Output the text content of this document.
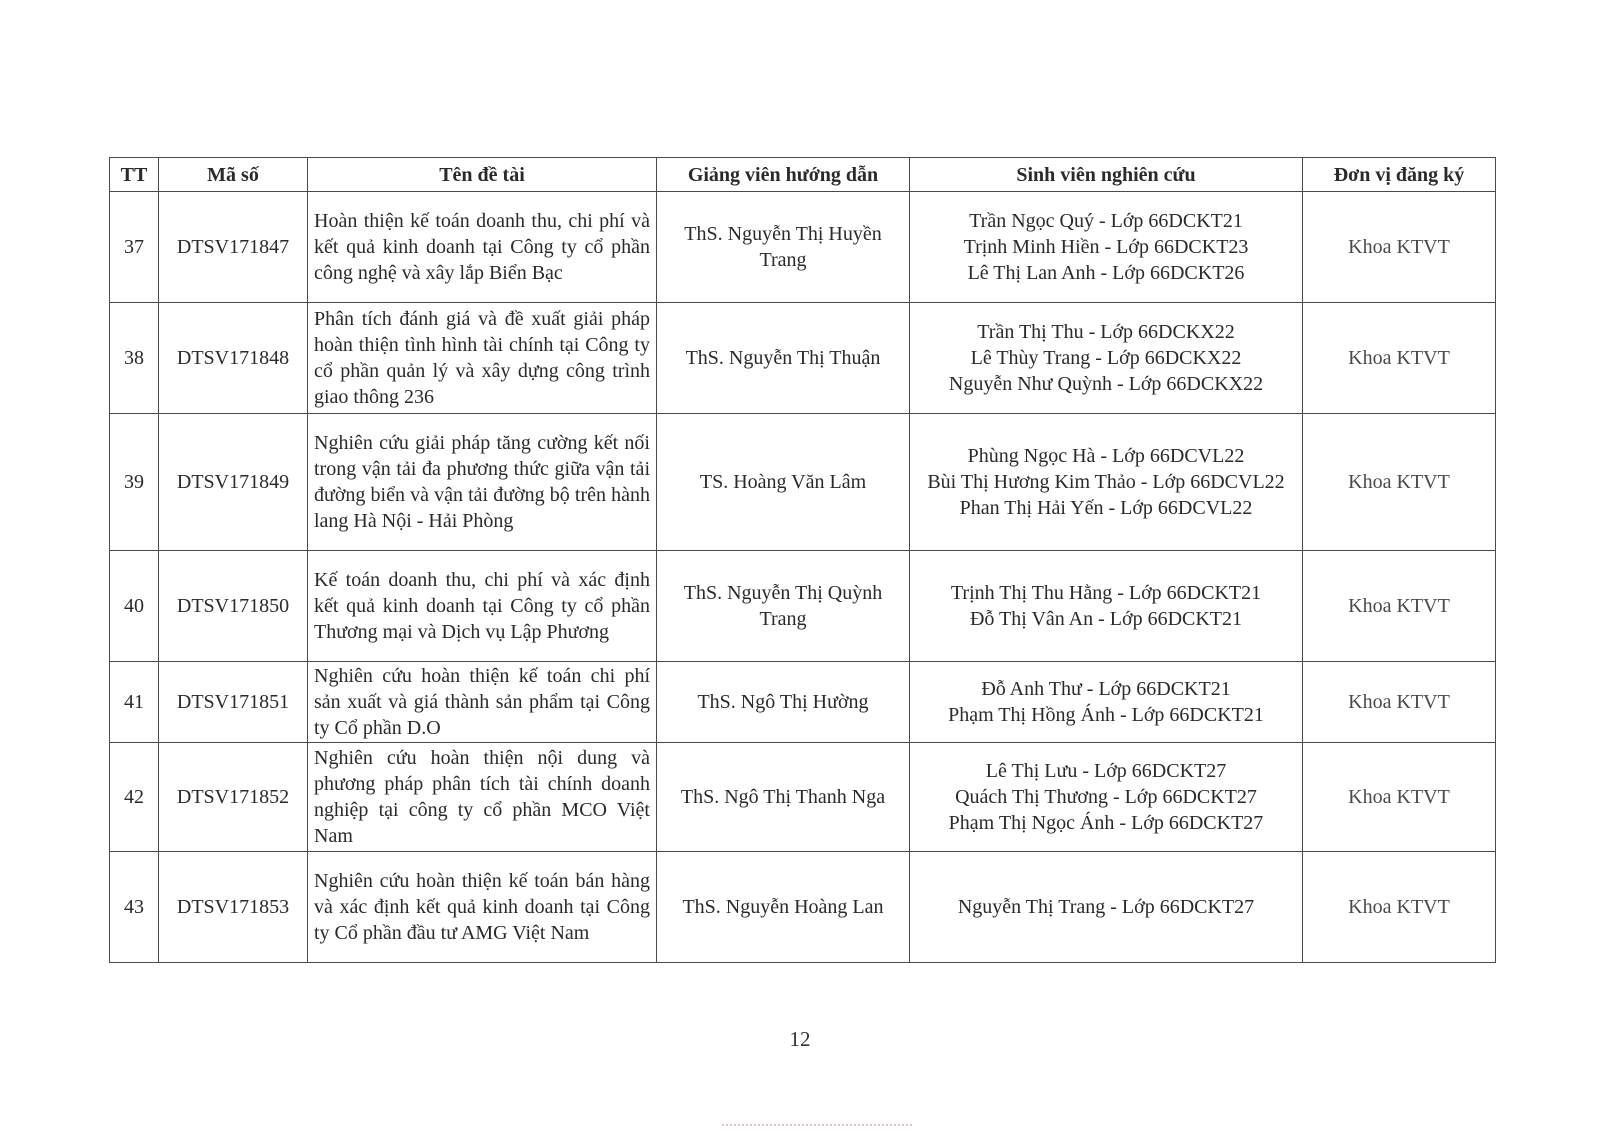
TT	Mã số	Tên đề tài	Giảng viên hướng dẫn	Sinh viên nghiên cứu	Đơn vị đăng ký
37	DTSV171847	Hoàn thiện kế toán doanh thu, chi phí và kết quả kinh doanh tại Công ty cổ phần công nghệ và xây lắp Biển Bạc	ThS. Nguyễn Thị Huyền Trang	Trần Ngọc Quý - Lớp 66DCKT21
Trịnh Minh Hiền - Lớp 66DCKT23
Lê Thị Lan Anh - Lớp 66DCKT26	Khoa KTVT
38	DTSV171848	Phân tích đánh giá và đề xuất giải pháp hoàn thiện tình hình tài chính tại Công ty cổ phần quản lý và xây dựng công trình giao thông 236	ThS. Nguyễn Thị Thuận	Trần Thị Thu - Lớp 66DCKX22
Lê Thùy Trang - Lớp 66DCKX22
Nguyễn Như Quỳnh - Lớp 66DCKX22	Khoa KTVT
39	DTSV171849	Nghiên cứu giải pháp tăng cường kết nối trong vận tải đa phương thức giữa vận tải đường biển và vận tải đường bộ trên hành lang Hà Nội - Hải Phòng	TS. Hoàng Văn Lâm	Phùng Ngọc Hà - Lớp 66DCVL22
Bùi Thị Hương Kim Thảo - Lớp 66DCVL22
Phan Thị Hải Yến - Lớp 66DCVL22	Khoa KTVT
40	DTSV171850	Kế toán doanh thu, chi phí và xác định kết quả kinh doanh tại Công ty cổ phần Thương mại và Dịch vụ Lập Phương	ThS. Nguyễn Thị Quỳnh Trang	Trịnh Thị Thu Hằng - Lớp 66DCKT21
Đỗ Thị Vân An - Lớp 66DCKT21	Khoa KTVT
41	DTSV171851	Nghiên cứu hoàn thiện kế toán chi phí sản xuất và giá thành sản phẩm tại Công ty Cổ phần D.O	ThS. Ngô Thị Hường	Đỗ Anh Thư - Lớp 66DCKT21
Phạm Thị Hồng Ánh - Lớp 66DCKT21	Khoa KTVT
42	DTSV171852	Nghiên cứu hoàn thiện nội dung và phương pháp phân tích tài chính doanh nghiệp tại công ty cổ phần MCO Việt Nam	ThS. Ngô Thị Thanh Nga	Lê Thị Lưu - Lớp 66DCKT27
Quách Thị Thương - Lớp 66DCKT27
Phạm Thị Ngọc Ánh - Lớp 66DCKT27	Khoa KTVT
43	DTSV171853	Nghiên cứu hoàn thiện kế toán bán hàng và xác định kết quả kinh doanh tại Công ty Cổ phần đầu tư AMG Việt Nam	ThS. Nguyễn Hoàng Lan	Nguyễn Thị Trang - Lớp 66DCKT27	Khoa KTVT
12
